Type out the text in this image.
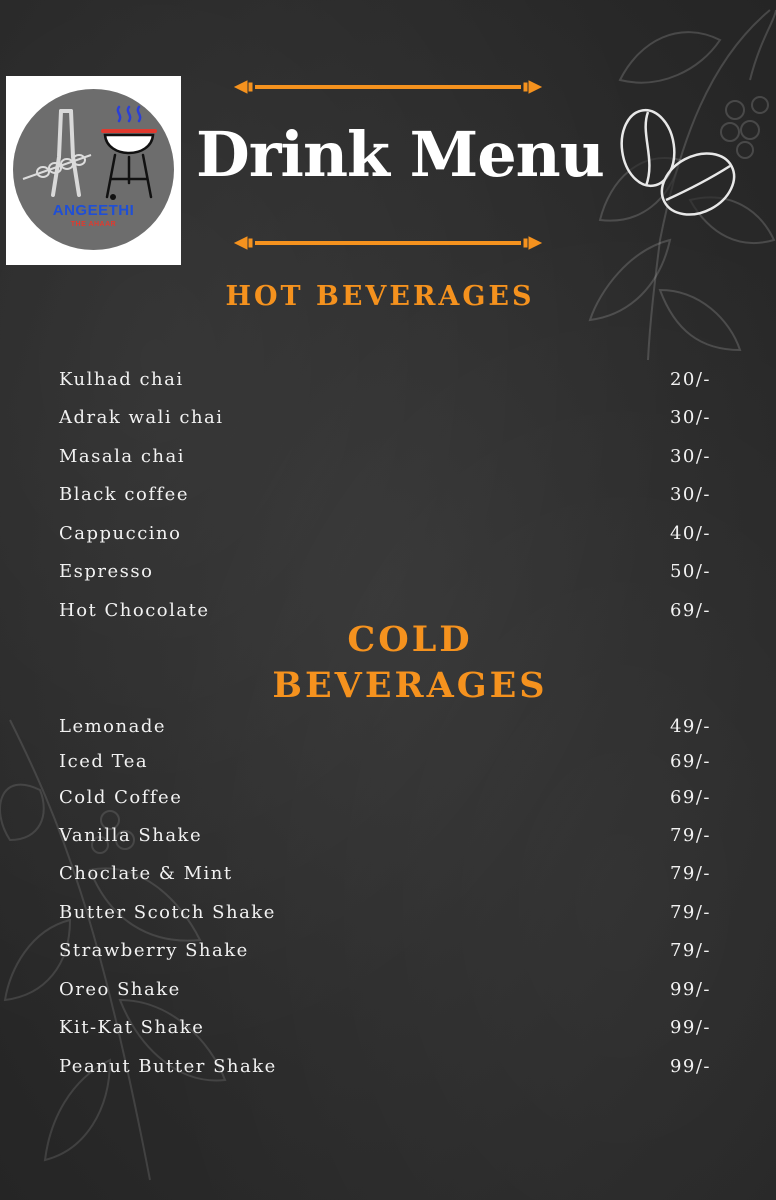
ANGEETHI
THE AHAAR
Drink Menu
HOT BEVERAGES
Kulhad chai	20/-
Adrak wali chai	30/-
Masala chai	30/-
Black coffee	30/-
Cappuccino	40/-
Espresso	50/-
Hot Chocolate	69/-
COLD
BEVERAGES
Lemonade	49/-
Iced Tea	69/-
Cold Coffee	69/-
Vanilla Shake	79/-
Choclate & Mint	79/-
Butter Scotch Shake	79/-
Strawberry Shake	79/-
Oreo Shake	99/-
Kit-Kat Shake	99/-
Peanut Butter Shake	99/-
